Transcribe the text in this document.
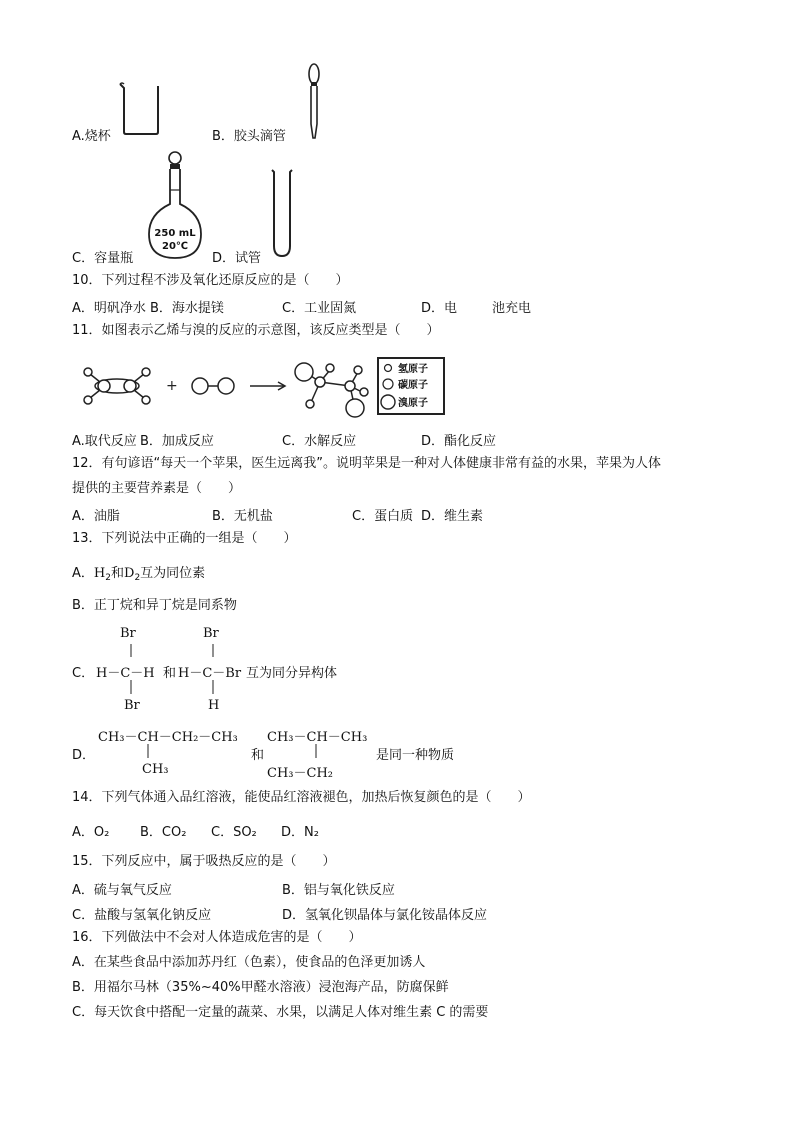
A.烧杯	B．胶头滴管
C．容量瓶
250 mL
20℃
D．试管
10．下列过程不涉及氧化还原反应的是（　　）
A．明矾净水 B．海水提镁	C．工业固氮	D．电	池充电
11．如图表示乙烯与溴的反应的示意图，该反应类型是（　　）
+
氢原子
碳原子
溴原子
A.取代反应 B．加成反应	C．水解反应	D．酯化反应
12．有句谚语“每天一个苹果，医生远离我”。说明苹果是一种对人体健康非常有益的水果，苹果为人体
提供的主要营养素是（　　）
A．油脂	B．无机盐	C．蛋白质 D．维生素
13．下列说法中正确的一组是（　　）
A．$H_2$和$D_2$互为同位素
B．正丁烷和异丁烷是同系物
Br	Br
C． H－C－H 和 H－C－Br 互为同分异构体
Br	H
CH₃－CH－CH₂－CH₃ CH₃－CH－CH₃
D．	和	是同一种物质
CH₃	CH₃－CH₂
14．下列气体通入品红溶液，能使品红溶液褪色，加热后恢复颜色的是（　　）
A．O₂ B．CO₂ C．SO₂ D．N₂
15．下列反应中，属于吸热反应的是（　　）
A．硫与氧气反应	B．铝与氧化铁反应
C．盐酸与氢氧化钠反应	D．氢氧化钡晶体与氯化铵晶体反应
16．下列做法中不会对人体造成危害的是（　　）
A．在某些食品中添加苏丹红（色素），使食品的色泽更加诱人
B．用福尔马林（35%~40%甲醛水溶液）浸泡海产品，防腐保鲜
C．每天饮食中搭配一定量的蔬菜、水果，以满足人体对维生素 C 的需要
